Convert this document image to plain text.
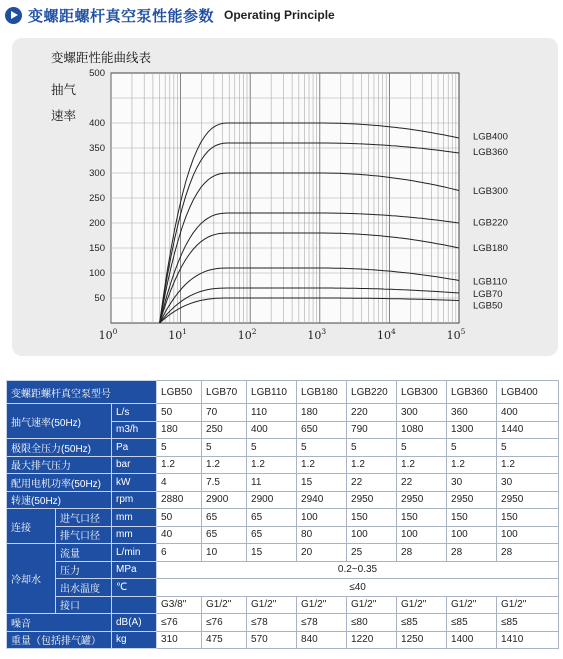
变螺距螺杆真空泵性能参数 Operating Principle
变螺距性能曲线表
抽气
速率
500
400
350
300
250
200
150
100
50
$10^0$	$10^1$	$10^2$	$10^3$	$10^4$	$10^5$
LGB400
LGB360
LGB300
LGB220
LGB180
LGB110
LGB70
LGB50
变螺距螺杆真空泵型号			LGB50	LGB70	LGB110	LGB180	LGB220	LGB300	LGB360	LGB400
抽气速率(50Hz)		L/s	50	70	110	180	220	300	360	400
		m3/h	180	250	400	650	790	1080	1300	1440
极限全压力(50Hz)		Pa	5	5	5	5	5	5	5	5
最大排气压力		bar	1.2	1.2	1.2	1.2	1.2	1.2	1.2	1.2
配用电机功率(50Hz)		kW	4	7.5	11	15	22	22	30	30
转速(50Hz)		rpm	2880	2900	2900	2940	2950	2950	2950	2950
连接	进气口径	mm	50	65	65	100	150	150	150	150
	排气口径	mm	40	65	65	80	100	100	100	100
冷却水	流量	L/min	6	10	15	20	25	28	28	28
	压力	MPa	0.2~0.35							
	出水温度	℃	≤40							
	接口		G3/8"	G1/2"	G1/2"	G1/2"	G1/2"	G1/2"	G1/2"	G1/2"
噪音		dB(A)	≤76	≤76	≤78	≤78	≤80	≤85	≤85	≤85
重量（包括排气罐）		kg	310	475	570	840	1220	1250	1400	1410
